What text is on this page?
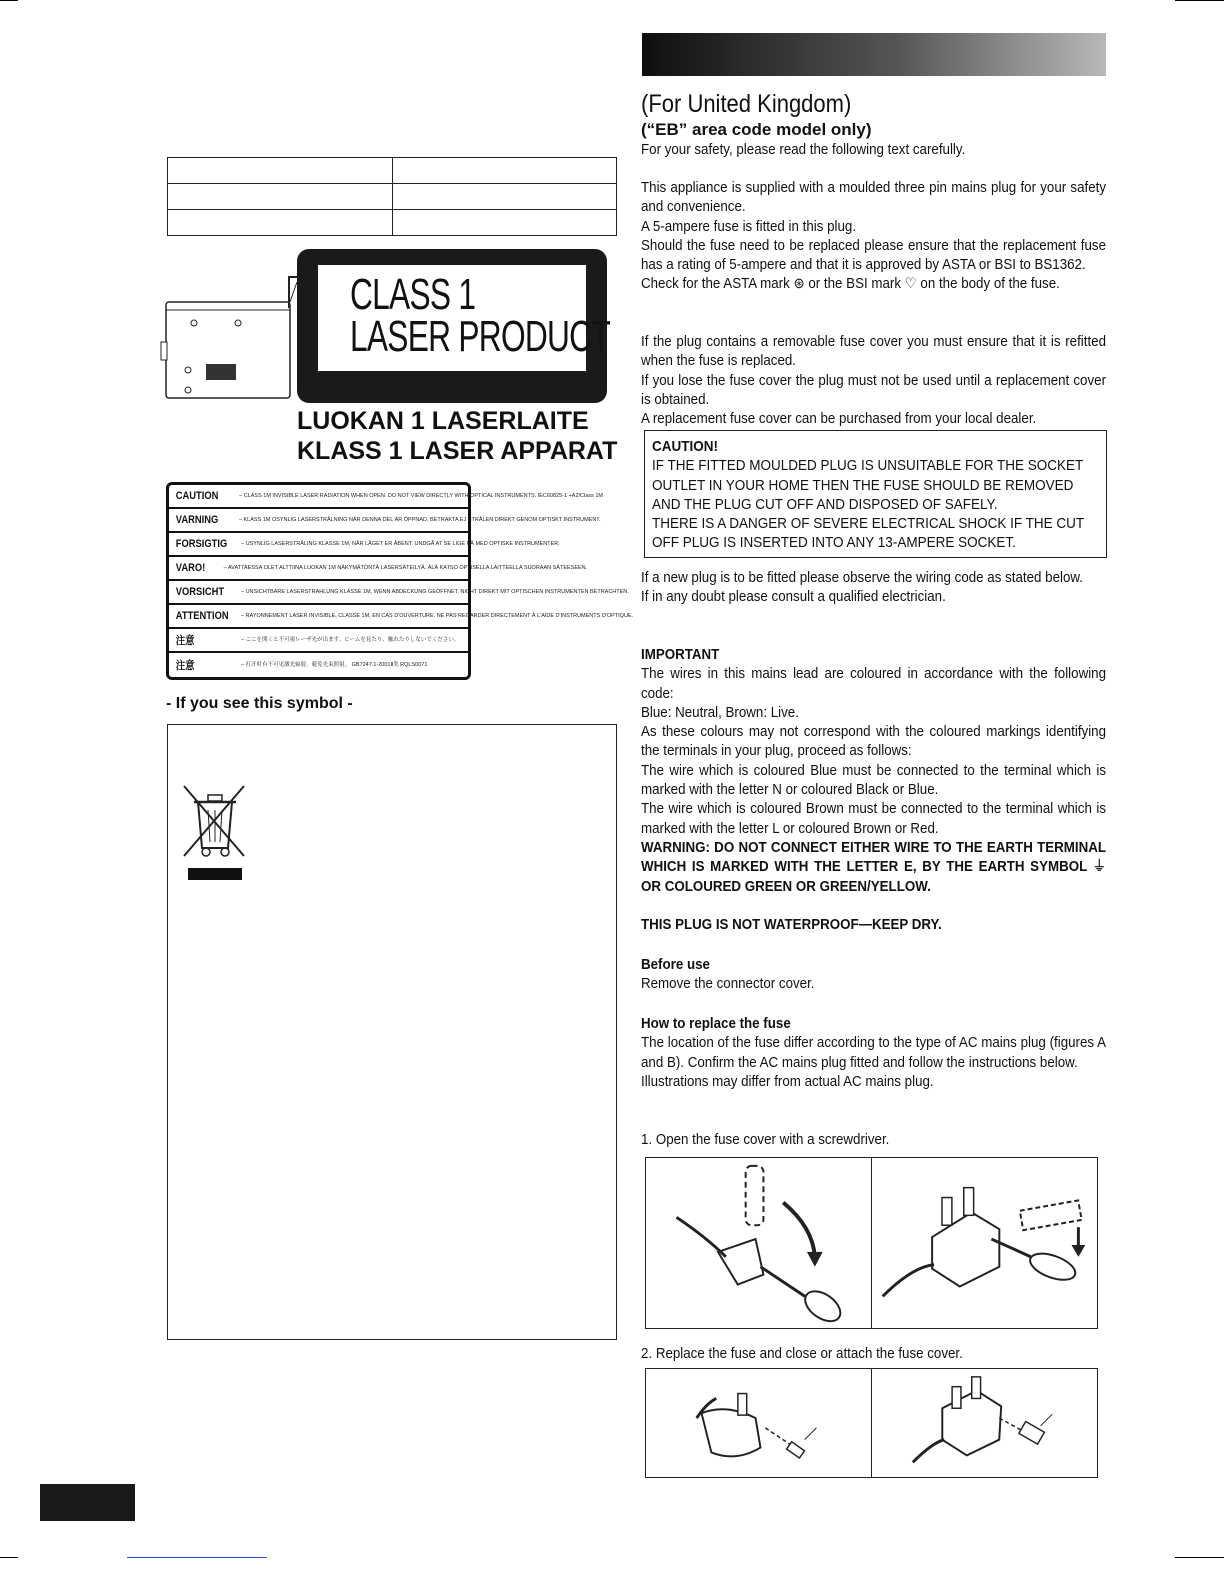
CLASS 1
LASER PRODUCT
LUOKAN 1 LASERLAITE
KLASS 1 LASER APPARAT
CAUTION	– CLASS 1M INVISIBLE LASER RADIATION WHEN OPEN. DO NOT VIEW DIRECTLY WITH OPTICAL INSTRUMENTS. IEC60825-1 +A2/Class 1M
VARNING	– KLASS 1M OSYNLIG LASERSTRÅLNING NÄR DENNA DEL ÄR ÖPPNAD. BETRAKTA EJ STRÅLEN DIREKT GENOM OPTISKT INSTRUMENT.
FORSIGTIG	– USYNLIG LASERSTRÅLING KLASSE 1M, NÅR LÅGET ER ÅBENT. UNDGÅ AT SE LIGE PÅ MED OPTISKE INSTRUMENTER.
VARO!	– AVATTAESSA OLET ALTTIINA LUOKAN 1M NÄKYMÄTÖNTÄ LASERSÄTEILYÄ. ÄLÄ KATSO OPTISELLA LAITTEELLA SUORAAN SÄTEESEEN.
VORSICHT	– UNSICHTBARE LASERSTRAHLUNG KLASSE 1M, WENN ABDECKUNG GEÖFFNET. NICHT DIREKT MIT OPTISCHEN INSTRUMENTEN BETRACHTEN.
ATTENTION	– RAYONNEMENT LASER INVISIBLE, CLASSE 1M, EN CAS D'OUVERTURE. NE PAS REGARDER DIRECTEMENT À L'AIDE D'INSTRUMENTS D'OPTIQUE.
注意	– ここを開くと不可視レーザ光が出ます。ビームを見たり、触れたりしないでください。
注意	– 打开时有不可见激光辐射。避免光束照射。 GB7247.1-2001Ⅱ类 RQLS0071
- If you see this symbol -
(For United Kingdom)
(“EB” area code model only)

For your safety, please read the following text carefully.

This appliance is supplied with a moulded three pin mains plug for your safety and convenience.

A 5-ampere fuse is fitted in this plug.

Should the fuse need to be replaced please ensure that the replacement fuse has a rating of 5-ampere and that it is approved by ASTA or BSI to BS1362.

Check for the ASTA mark ⊛ or the BSI mark ♡ on the body of the fuse.

If the plug contains a removable fuse cover you must ensure that it is refitted when the fuse is replaced.

If you lose the fuse cover the plug must not be used until a replacement cover is obtained.

A replacement fuse cover can be purchased from your local dealer.

CAUTION!
IF THE FITTED MOULDED PLUG IS UNSUITABLE FOR THE SOCKET
OUTLET IN YOUR HOME THEN THE FUSE SHOULD BE REMOVED
AND THE PLUG CUT OFF AND DISPOSED OF SAFELY.
THERE IS A DANGER OF SEVERE ELECTRICAL SHOCK IF THE CUT
OFF PLUG IS INSERTED INTO ANY 13-AMPERE SOCKET.

If a new plug is to be fitted please observe the wiring code as stated below.

If in any doubt please consult a qualified electrician.

IMPORTANT

The wires in this mains lead are coloured in accordance with the following code:

Blue: Neutral, Brown: Live.

As these colours may not correspond with the coloured markings identifying the terminals in your plug, proceed as follows:

The wire which is coloured Blue must be connected to the terminal which is marked with the letter N or coloured Black or Blue.

The wire which is coloured Brown must be connected to the terminal which is marked with the letter L or coloured Brown or Red.

WARNING: DO NOT CONNECT EITHER WIRE TO THE EARTH TERMINAL WHICH IS MARKED WITH THE LETTER E, BY THE EARTH SYMBOL ⏚ OR COLOURED GREEN OR GREEN/YELLOW.

THIS PLUG IS NOT WATERPROOF—KEEP DRY.

Before use

Remove the connector cover.

How to replace the fuse

The location of the fuse differ according to the type of AC mains plug (figures A and B). Confirm the AC mains plug fitted and follow the instructions below.

Illustrations may differ from actual AC mains plug.

1. Open the fuse cover with a screwdriver.

2. Replace the fuse and close or attach the fuse cover.
